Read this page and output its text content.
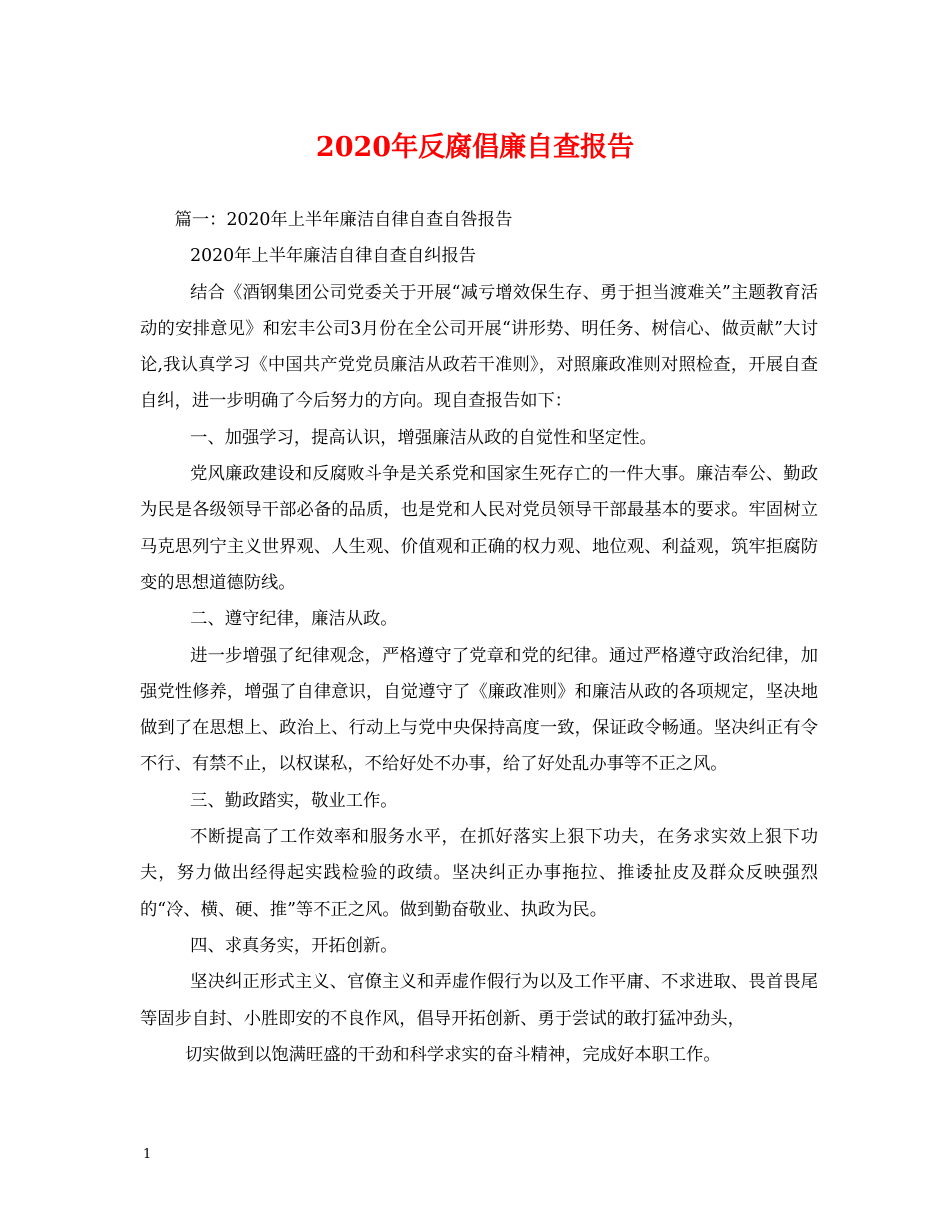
2020年反腐倡廉自查报告

篇一：2020年上半年廉洁自律自查自咎报告

2020年上半年廉洁自律自查自纠报告

结合《酒钢集团公司党委关于开展“减亏增效保生存、勇于担当渡难关”主题教育活动的安排意见》和宏丰公司3月份在全公司开展“讲形势、明任务、树信心、做贡献”大讨论,我认真学习《中国共产党党员廉洁从政若干准则》，对照廉政准则对照检查，开展自查自纠，进一步明确了今后努力的方向。现自查报告如下：

一、加强学习，提高认识，增强廉洁从政的自觉性和坚定性。

党风廉政建设和反腐败斗争是关系党和国家生死存亡的一件大事。廉洁奉公、勤政为民是各级领导干部必备的品质，也是党和人民对党员领导干部最基本的要求。牢固树立马克思列宁主义世界观、人生观、价值观和正确的权力观、地位观、利益观，筑牢拒腐防变的思想道德防线。

二、遵守纪律，廉洁从政。

进一步增强了纪律观念，严格遵守了党章和党的纪律。通过严格遵守政治纪律，加强党性修养，增强了自律意识，自觉遵守了《廉政准则》和廉洁从政的各项规定，坚决地做到了在思想上、政治上、行动上与党中央保持高度一致，保证政令畅通。坚决纠正有令不行、有禁不止，以权谋私，不给好处不办事，给了好处乱办事等不正之风。

三、勤政踏实，敬业工作。

不断提高了工作效率和服务水平，在抓好落实上狠下功夫，在务求实效上狠下功夫，努力做出经得起实践检验的政绩。坚决纠正办事拖拉、推诿扯皮及群众反映强烈的“冷、横、硬、推”等不正之风。做到勤奋敬业、执政为民。

四、求真务实，开拓创新。

坚决纠正形式主义、官僚主义和弄虚作假行为以及工作平庸、不求进取、畏首畏尾等固步自封、小胜即安的不良作风，倡导开拓创新、勇于尝试的敢打猛冲劲头，

切实做到以饱满旺盛的干劲和科学求实的奋斗精神，完成好本职工作。

1
